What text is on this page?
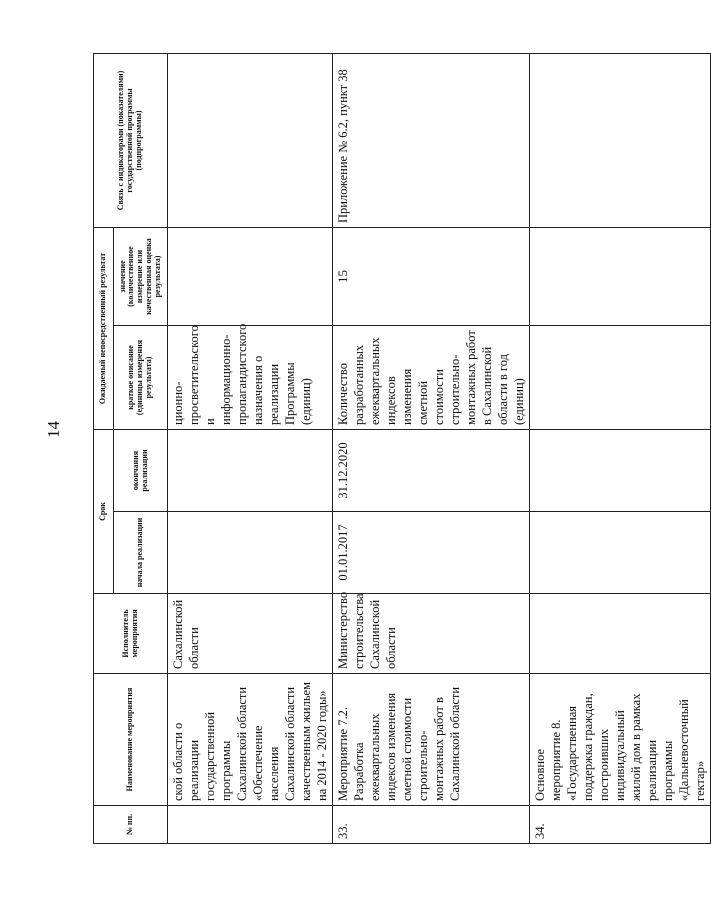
14
№ пп.	Наименование мероприятия	Исполнитель мероприятия	Срок		Ожидаемый непосредственный результат		Связь с индикаторами (показателями) государственной программы (подпрограммы)
			начала реализации	окончания реализации	краткое описание (единицы измерения результата)	значение (количественное измерение или качественная оценка результата)	
	ской области о реализации государственной программы Сахалинской области «Обеспечение населения Сахалинской области качественным жильем на 2014 - 2020 годы»	Сахалинской области			ционно-просветительского и информационно-пропагандистского назначения о реализации Программы (единиц)		
33.	Мероприятие 7.2. Разработка ежеквартальных индексов изменения сметной стоимости строительно-монтажных работ в Сахалинской области	Министерство строительства Сахалинской области	01.01.2017	31.12.2020	Количество разработанных ежеквартальных индексов изменения сметной стоимости строительно-монтажных работ в Сахалинской области в год (единиц)	15	Приложение № 6.2, пункт 38
34.	Основное мероприятие 8. «Государственная поддержка граждан, построивших индивидуальный жилой дом в рамках реализации программы «Дальневосточный гектар»						
